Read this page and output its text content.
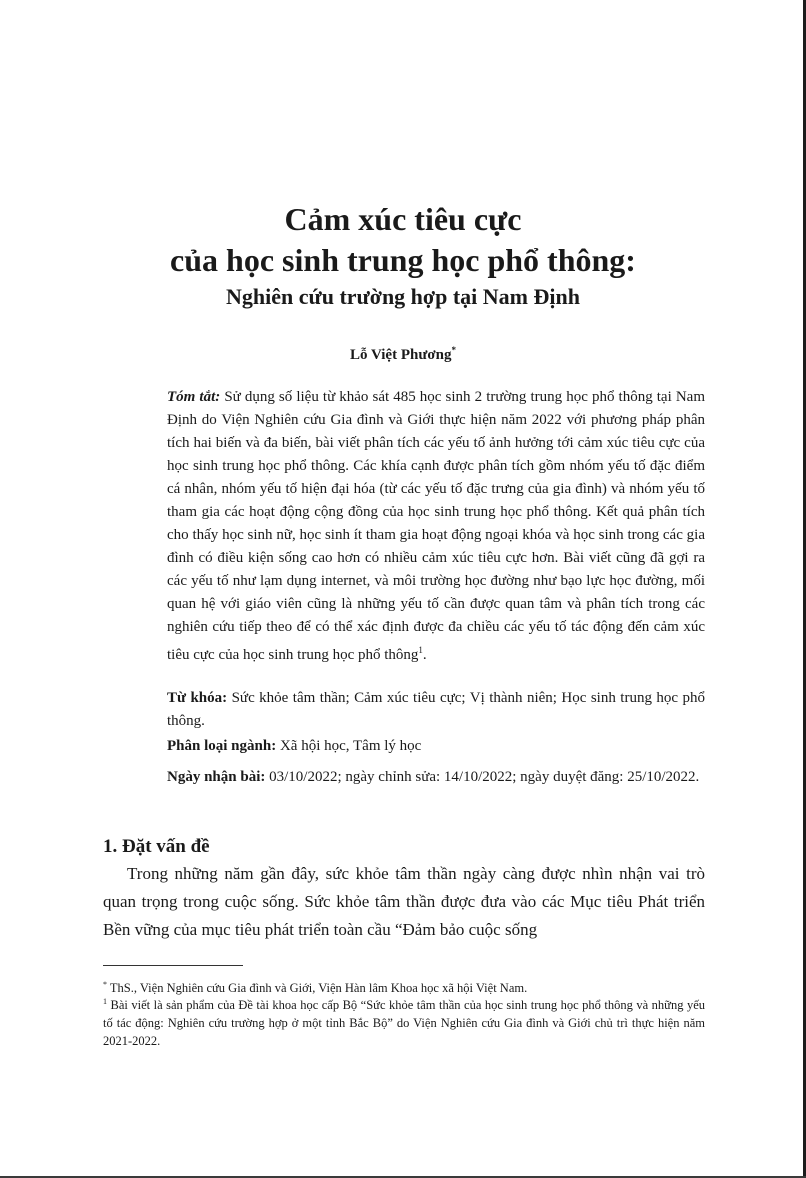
Cảm xúc tiêu cực
của học sinh trung học phổ thông:
Nghiên cứu trường hợp tại Nam Định
Lỗ Việt Phương*

Tóm tắt: Sử dụng số liệu từ khảo sát 485 học sinh 2 trường trung học phổ thông tại Nam Định do Viện Nghiên cứu Gia đình và Giới thực hiện năm 2022 với phương pháp phân tích hai biến và đa biến, bài viết phân tích các yếu tố ảnh hưởng tới cảm xúc tiêu cực của học sinh trung học phổ thông. Các khía cạnh được phân tích gồm nhóm yếu tố đặc điểm cá nhân, nhóm yếu tố hiện đại hóa (từ các yếu tố đặc trưng của gia đình) và nhóm yếu tố tham gia các hoạt động cộng đồng của học sinh trung học phổ thông. Kết quả phân tích cho thấy học sinh nữ, học sinh ít tham gia hoạt động ngoại khóa và học sinh trong các gia đình có điều kiện sống cao hơn có nhiều cảm xúc tiêu cực hơn. Bài viết cũng đã gợi ra các yếu tố như lạm dụng internet, và môi trường học đường như bạo lực học đường, mối quan hệ với giáo viên cũng là những yếu tố cần được quan tâm và phân tích trong các nghiên cứu tiếp theo để có thể xác định được đa chiều các yếu tố tác động đến cảm xúc tiêu cực của học sinh trung học phổ thông$^1$.

Từ khóa: Sức khỏe tâm thần; Cảm xúc tiêu cực; Vị thành niên; Học sinh trung học phổ thông.

Phân loại ngành: Xã hội học, Tâm lý học

Ngày nhận bài: 03/10/2022; ngày chỉnh sửa: 14/10/2022; ngày duyệt đăng: 25/10/2022.

1. Đặt vấn đề

Trong những năm gần đây, sức khỏe tâm thần ngày càng được nhìn nhận vai trò quan trọng trong cuộc sống. Sức khỏe tâm thần được đưa vào các Mục tiêu Phát triển Bền vững của mục tiêu phát triển toàn cầu “Đảm bảo cuộc sống

* ThS., Viện Nghiên cứu Gia đình và Giới, Viện Hàn lâm Khoa học xã hội Việt Nam.

$^1$ Bài viết là sản phẩm của Đề tài khoa học cấp Bộ “Sức khỏe tâm thần của học sinh trung học phổ thông và những yếu tố tác động: Nghiên cứu trường hợp ở một tỉnh Bắc Bộ” do Viện Nghiên cứu Gia đình và Giới chủ trì thực hiện năm 2021-2022.
